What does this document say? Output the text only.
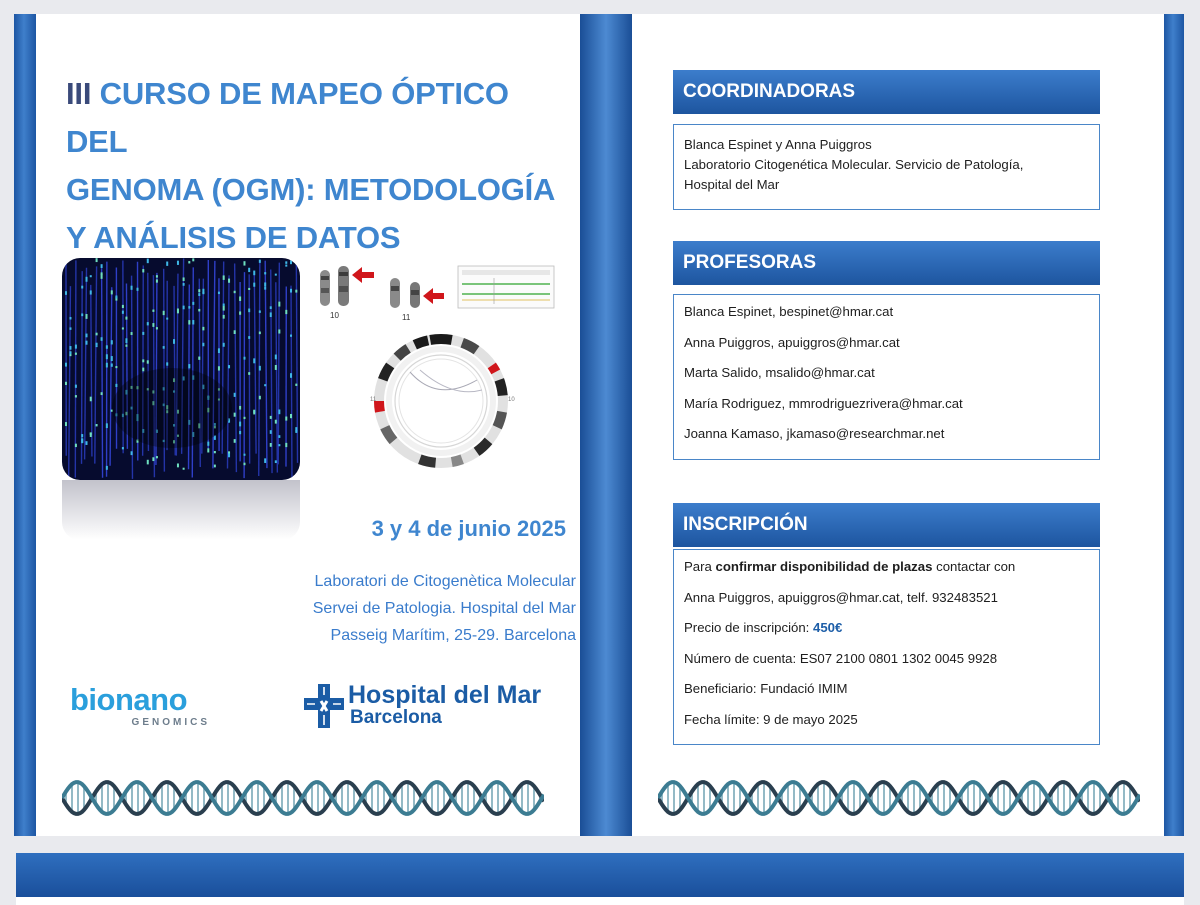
III CURSO DE MAPEO ÓPTICO DEL
GENOMA (OGM): METODOLOGÍA
Y ANÁLISIS DE DATOS
10	11
11	10
3 y 4 de junio 2025
Laboratori de Citogenètica Molecular
Servei de Patologia. Hospital del Mar
Passeig Marítim, 25-29. Barcelona
bionano
GENOMICS
Hospital del Mar
Barcelona
COORDINADORAS
Blanca Espinet y Anna Puiggros
Laboratorio Citogenética Molecular. Servicio de Patología,
Hospital del Mar
PROFESORAS
Blanca Espinet, bespinet@hmar.cat
Anna Puiggros, apuiggros@hmar.cat
Marta Salido, msalido@hmar.cat
María Rodriguez, mmrodriguezrivera@hmar.cat
Joanna Kamaso, jkamaso@researchmar.net
INSCRIPCIÓN
Para confirmar disponibilidad de plazas contactar con
Anna Puiggros, apuiggros@hmar.cat, telf. 932483521
Precio de inscripción: 450€
Número de cuenta: ES07 2100 0801 1302 0045 9928
Beneficiario: Fundació IMIM
Fecha límite: 9 de mayo 2025
